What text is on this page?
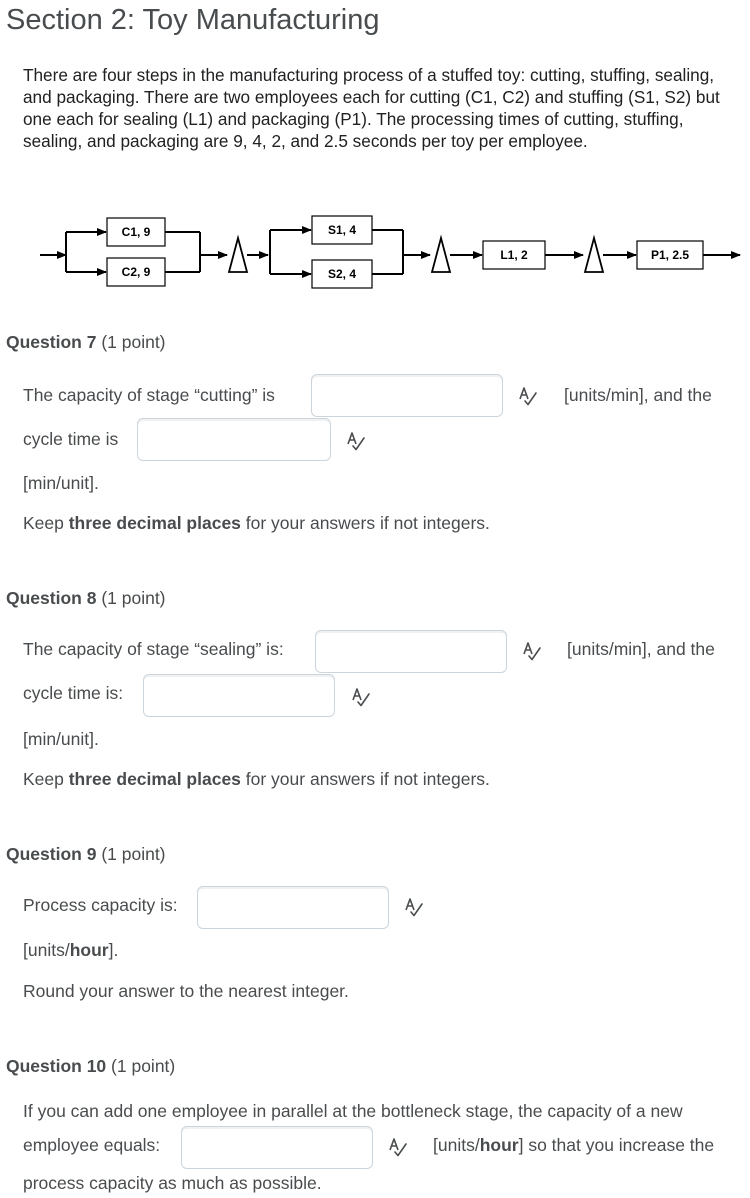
Section 2: Toy Manufacturing
There are four steps in the manufacturing process of a stuffed toy: cutting, stuffing, sealing, and packaging. There are two employees each for cutting (C1, C2) and stuffing (S1, S2) but one each for sealing (L1) and packaging (P1). The processing times of cutting, stuffing, sealing, and packaging are 9, 4, 2, and 2.5 seconds per toy per employee.
C1, 9
C2, 9
S1, 4
S2, 4
L1, 2	P1, 2.5
Question 7 (1 point)
The capacity of stage “cutting” is	[units/min], and the
cycle time is
[min/unit].
Keep three decimal places for your answers if not integers.
Question 8 (1 point)
The capacity of stage “sealing” is:	[units/min], and the
cycle time is:
[min/unit].
Keep three decimal places for your answers if not integers.
Question 9 (1 point)
Process capacity is:
[units/hour].
Round your answer to the nearest integer.
Question 10 (1 point)
If you can add one employee in parallel at the bottleneck stage, the capacity of a new
employee equals:	[units/hour] so that you increase the
process capacity as much as possible.
